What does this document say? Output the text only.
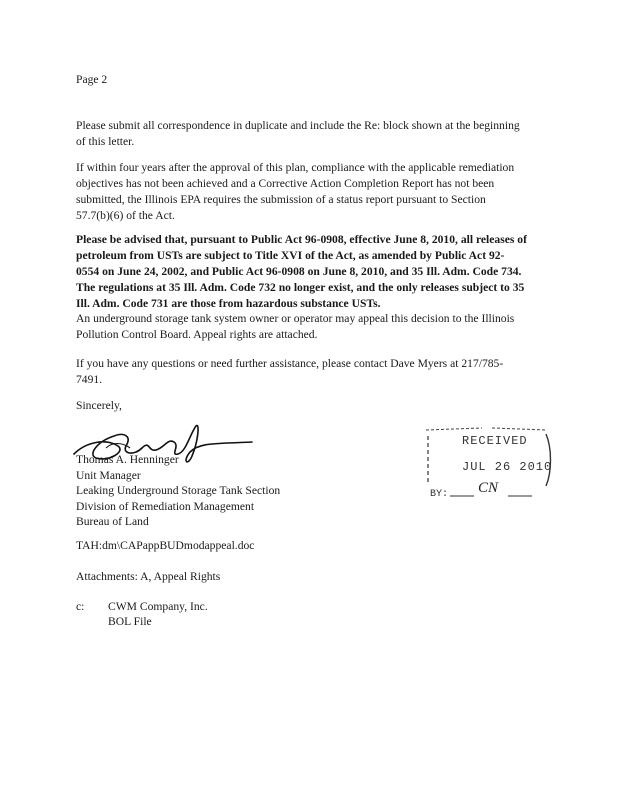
Page 2

Please submit all correspondence in duplicate and include the Re: block shown at the beginning
of this letter.

If within four years after the approval of this plan, compliance with the applicable remediation
objectives has not been achieved and a Corrective Action Completion Report has not been
submitted, the Illinois EPA requires the submission of a status report pursuant to Section
57.7(b)(6) of the Act.

Please be advised that, pursuant to Public Act 96-0908, effective June 8, 2010, all releases of
petroleum from USTs are subject to Title XVI of the Act, as amended by Public Act 92-
0554 on June 24, 2002, and Public Act 96-0908 on June 8, 2010, and 35 Ill. Adm. Code 734.
The regulations at 35 Ill. Adm. Code 732 no longer exist, and the only releases subject to 35
Ill. Adm. Code 731 are those from hazardous substance USTs.

An underground storage tank system owner or operator may appeal this decision to the Illinois
Pollution Control Board. Appeal rights are attached.

If you have any questions or need further assistance, please contact Dave Myers at 217/785-
7491.

Sincerely,

Thomas A. Henninger
Unit Manager
Leaking Underground Storage Tank Section
Division of Remediation Management
Bureau of Land

RECEIVED
JUL 26 2010
BY: CN

TAH:dm\CAPappBUDmodappeal.doc

Attachments: A, Appeal Rights

c: CWM Company, Inc.
BOL File
